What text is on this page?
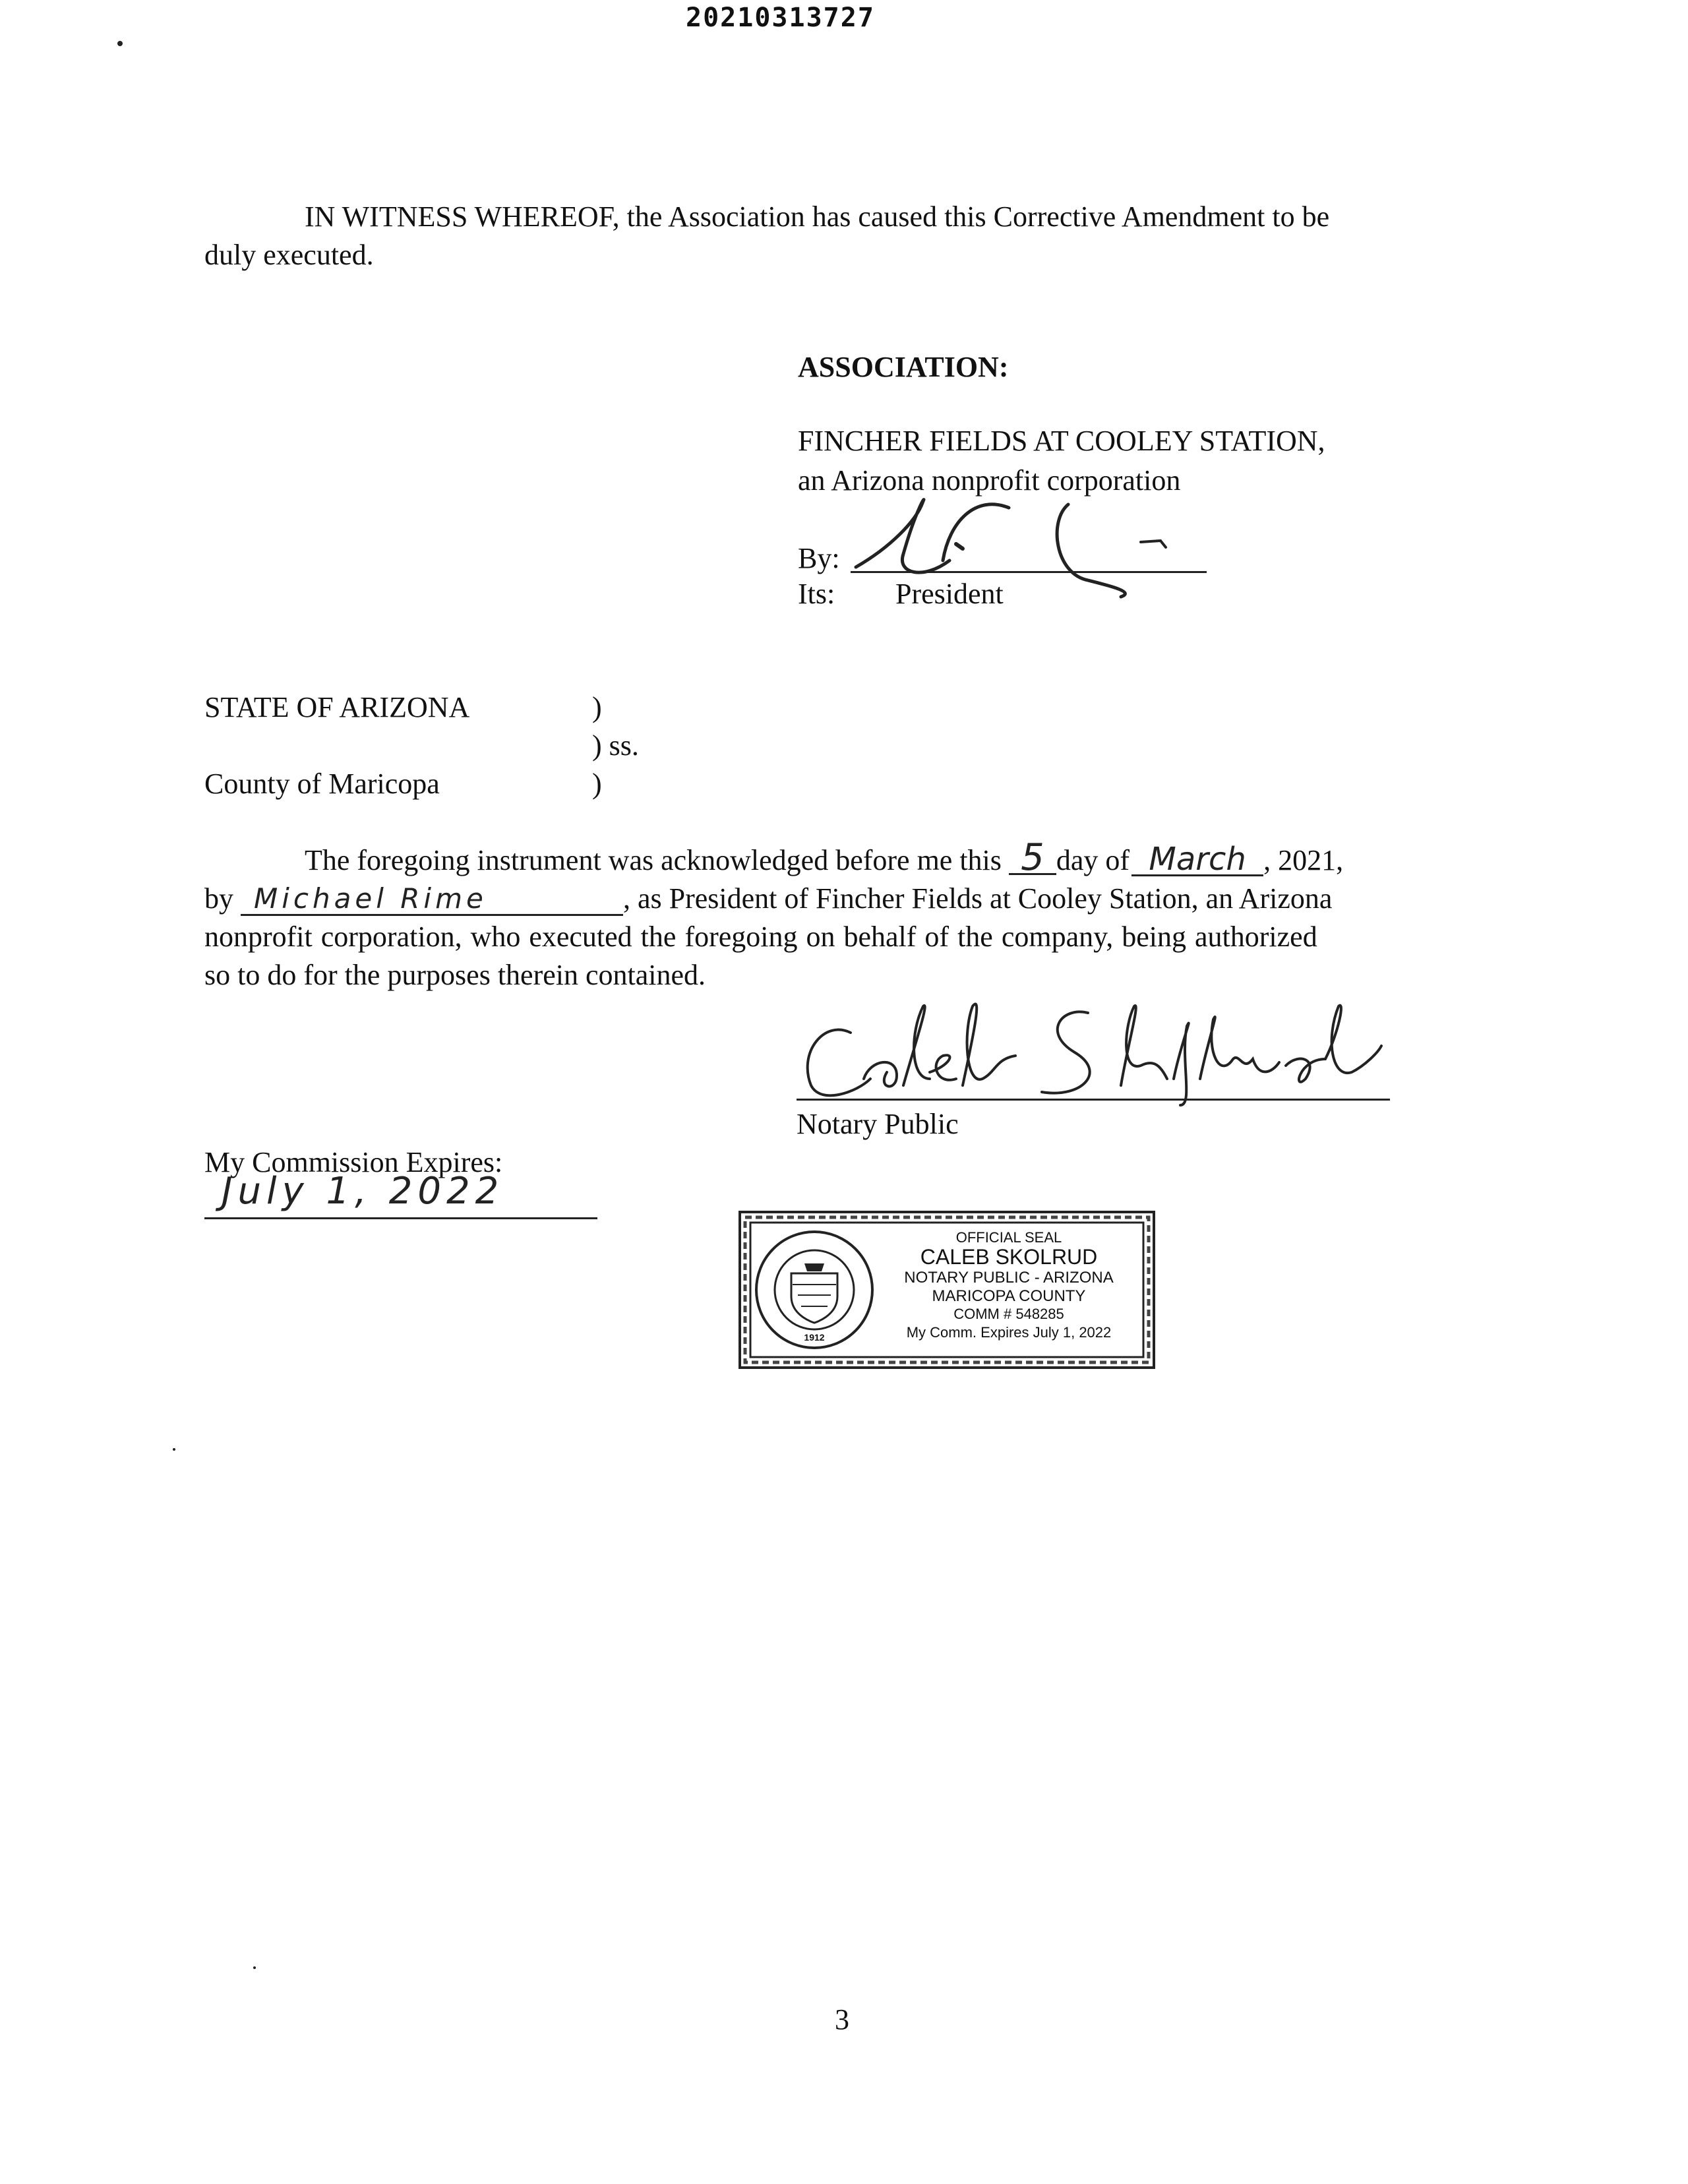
20210313727
IN WITNESS WHEREOF, the Association has caused this Corrective Amendment to be
duly executed.
ASSOCIATION:
FINCHER FIELDS AT COOLEY STATION,
an Arizona nonprofit corporation
By:
Its: President
STATE OF ARIZONA	)
) ss.
County of Maricopa	)
The foregoing instrument was acknowledged before me this 5 day of March , 2021,
by Michael Rime	, as President of Fincher Fields at Cooley Station, an Arizona
nonprofit corporation, who executed the foregoing on behalf of the company, being authorized
so to do for the purposes therein contained.
Notary Public
My Commission Expires:
July 1, 2022
1912
OFFICIAL SEAL
CALEB SKOLRUD
NOTARY PUBLIC - ARIZONA
MARICOPA COUNTY
COMM # 548285
My Comm. Expires July 1, 2022
3
